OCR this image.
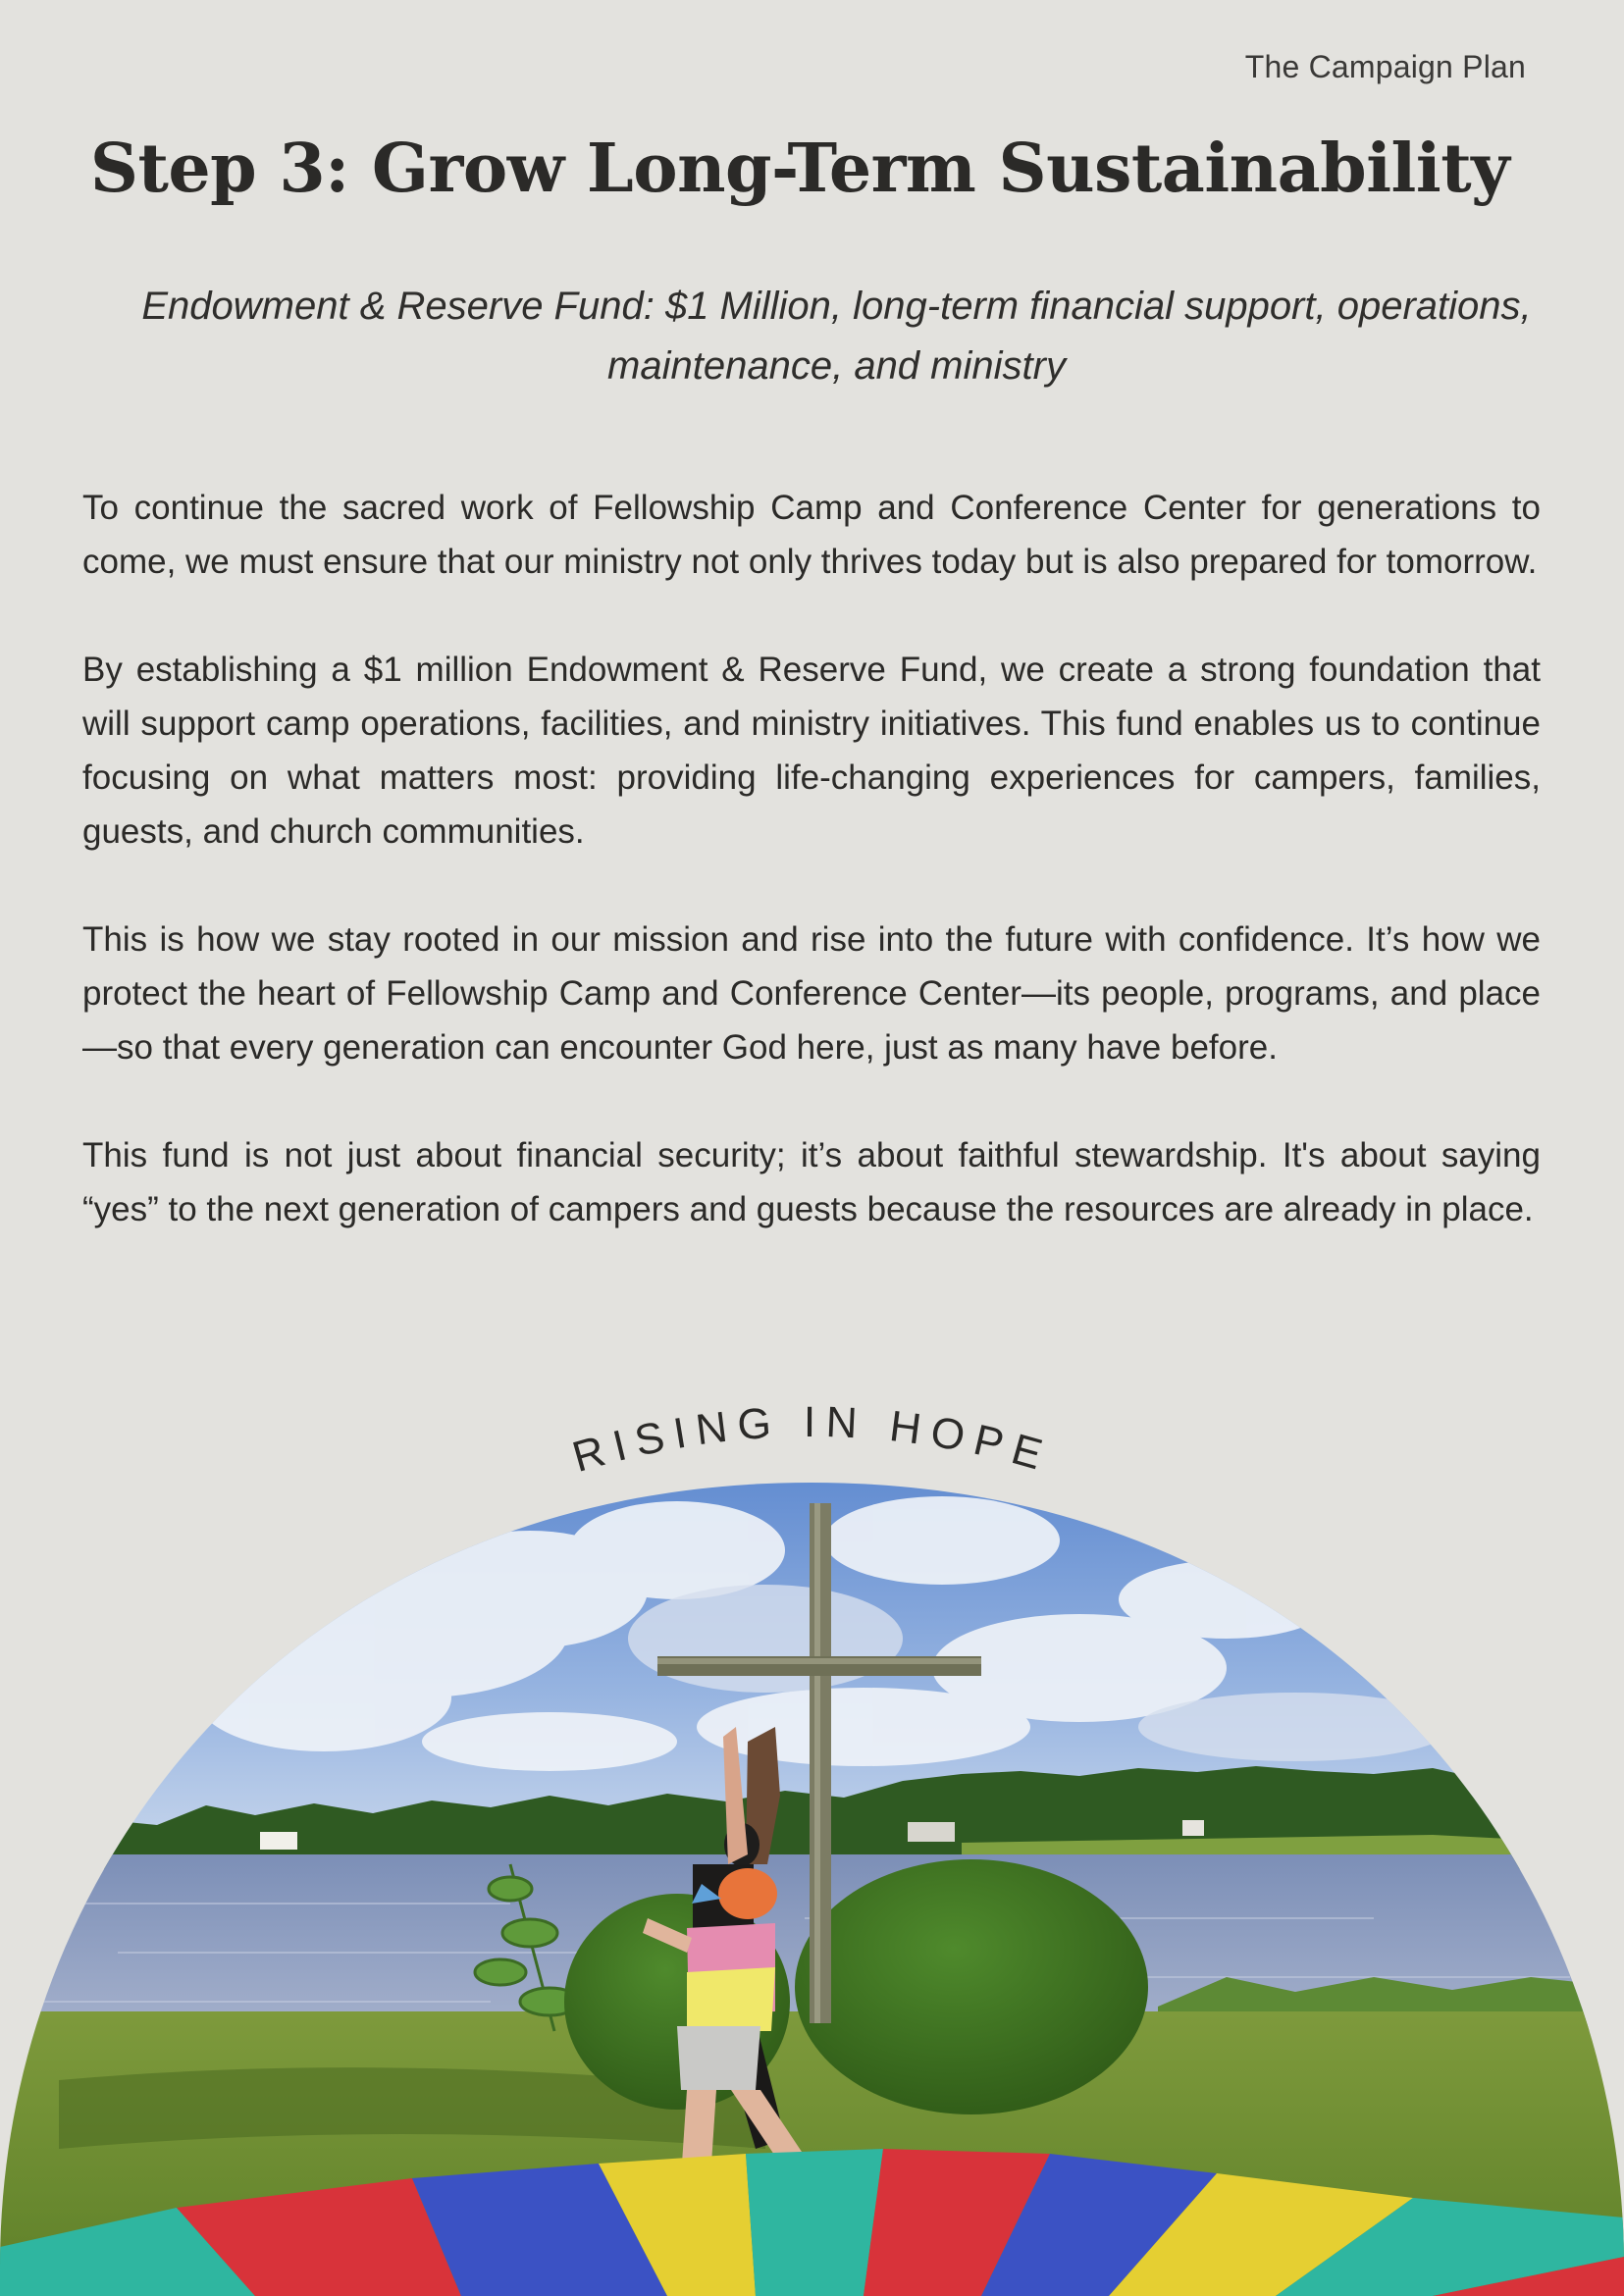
The Campaign Plan
Step 3: Grow Long-Term Sustainability

Endowment & Reserve Fund: $1 Million, long-term financial support, operations, maintenance, and ministry

To continue the sacred work of Fellowship Camp and Conference Center for generations to come, we must ensure that our ministry not only thrives today but is also prepared for tomorrow.

By establishing a $1 million Endowment & Reserve Fund, we create a strong foundation that will support camp operations, facilities, and ministry initiatives. This fund enables us to continue focusing on what matters most: providing life-changing experiences for campers, families, guests, and church communities.

This is how we stay rooted in our mission and rise into the future with confidence. It’s how we protect the heart of Fellowship Camp and Conference Center—its people, programs, and place—so that every generation can encounter God here, just as many have before.

This fund is not just about financial security; it’s about faithful stewardship. It's about saying “yes” to the next generation of campers and guests because the resources are already in place.

RISING IN HOPE
